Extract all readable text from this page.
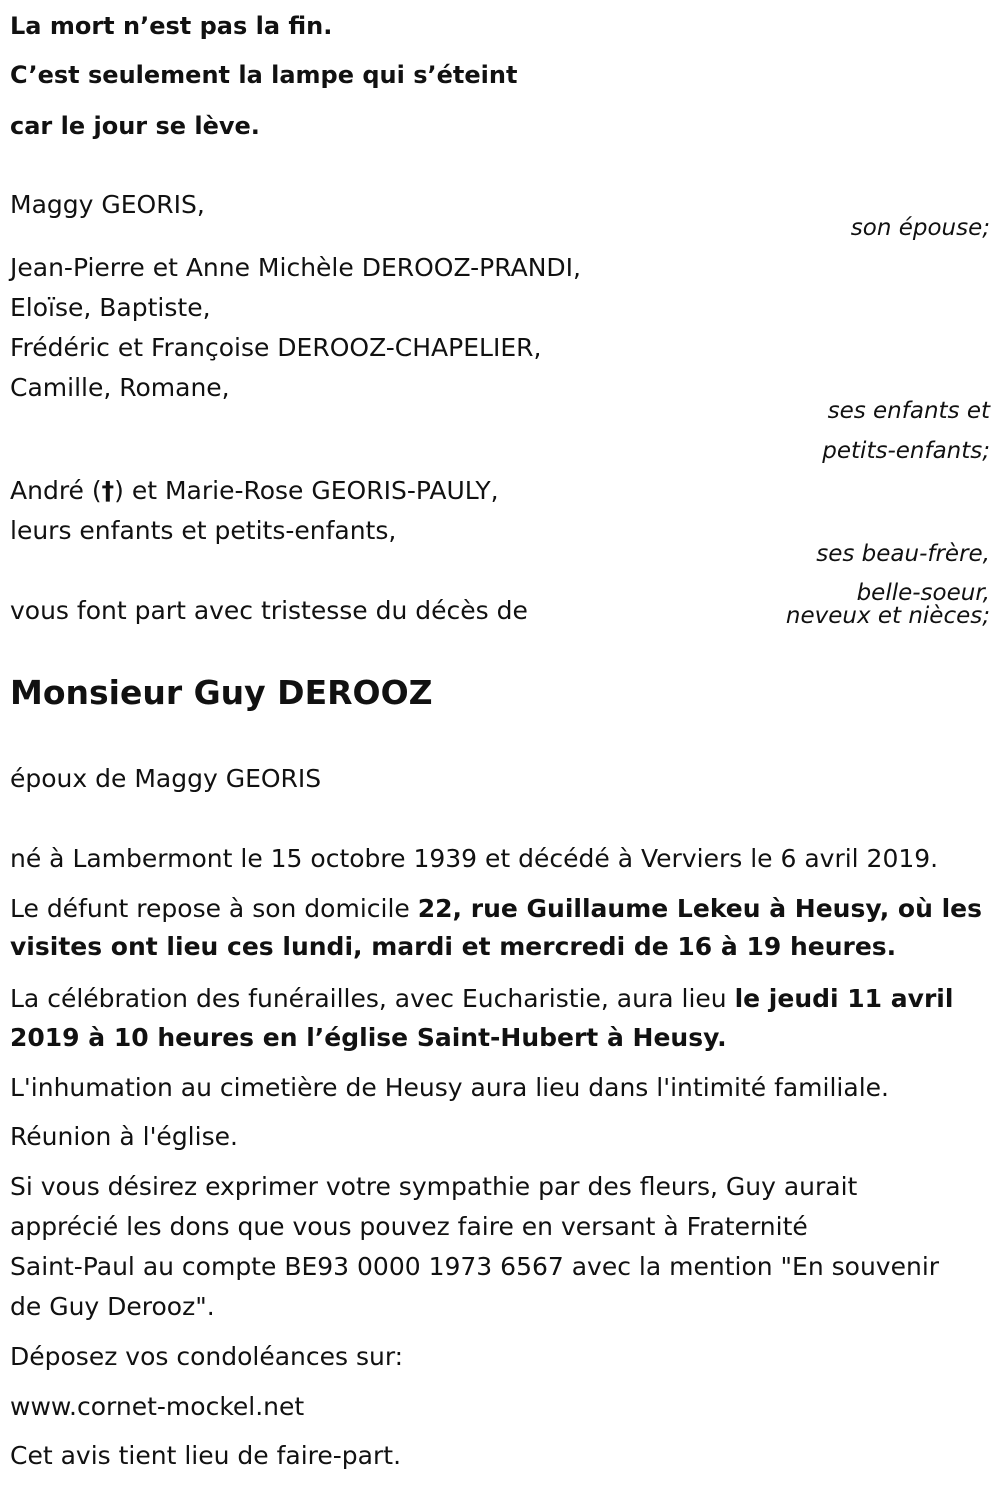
La mort n’est pas la fin.
C’est seulement la lampe qui s’éteint
car le jour se lève.
Maggy GEORIS,
son épouse;
Jean-Pierre et Anne Michèle DEROOZ-PRANDI,
Eloïse, Baptiste,
Frédéric et Françoise DEROOZ-CHAPELIER,
Camille, Romane,
ses enfants et
petits-enfants;
André (†) et Marie-Rose GEORIS-PAULY,
leurs enfants et petits-enfants,
ses beau-frère,
belle-soeur,
neveux et nièces;
vous font part avec tristesse du décès de
Monsieur Guy DEROOZ
époux de Maggy GEORIS
né à Lambermont le 15 octobre 1939 et décédé à Verviers le 6 avril 2019.
Le défunt repose à son domicile 22, rue Guillaume Lekeu à Heusy, où les
visites ont lieu ces lundi, mardi et mercredi de 16 à 19 heures.
La célébration des funérailles, avec Eucharistie, aura lieu le jeudi 11 avril
2019 à 10 heures en l’église Saint-Hubert à Heusy.
L'inhumation au cimetière de Heusy aura lieu dans l'intimité familiale.
Réunion à l'église.
Si vous désirez exprimer votre sympathie par des fleurs, Guy aurait
apprécié les dons que vous pouvez faire en versant à Fraternité
Saint-Paul au compte BE93 0000 1973 6567 avec la mention "En souvenir
de Guy Derooz".
Déposez vos condoléances sur:
www.cornet-mockel.net
Cet avis tient lieu de faire-part.
